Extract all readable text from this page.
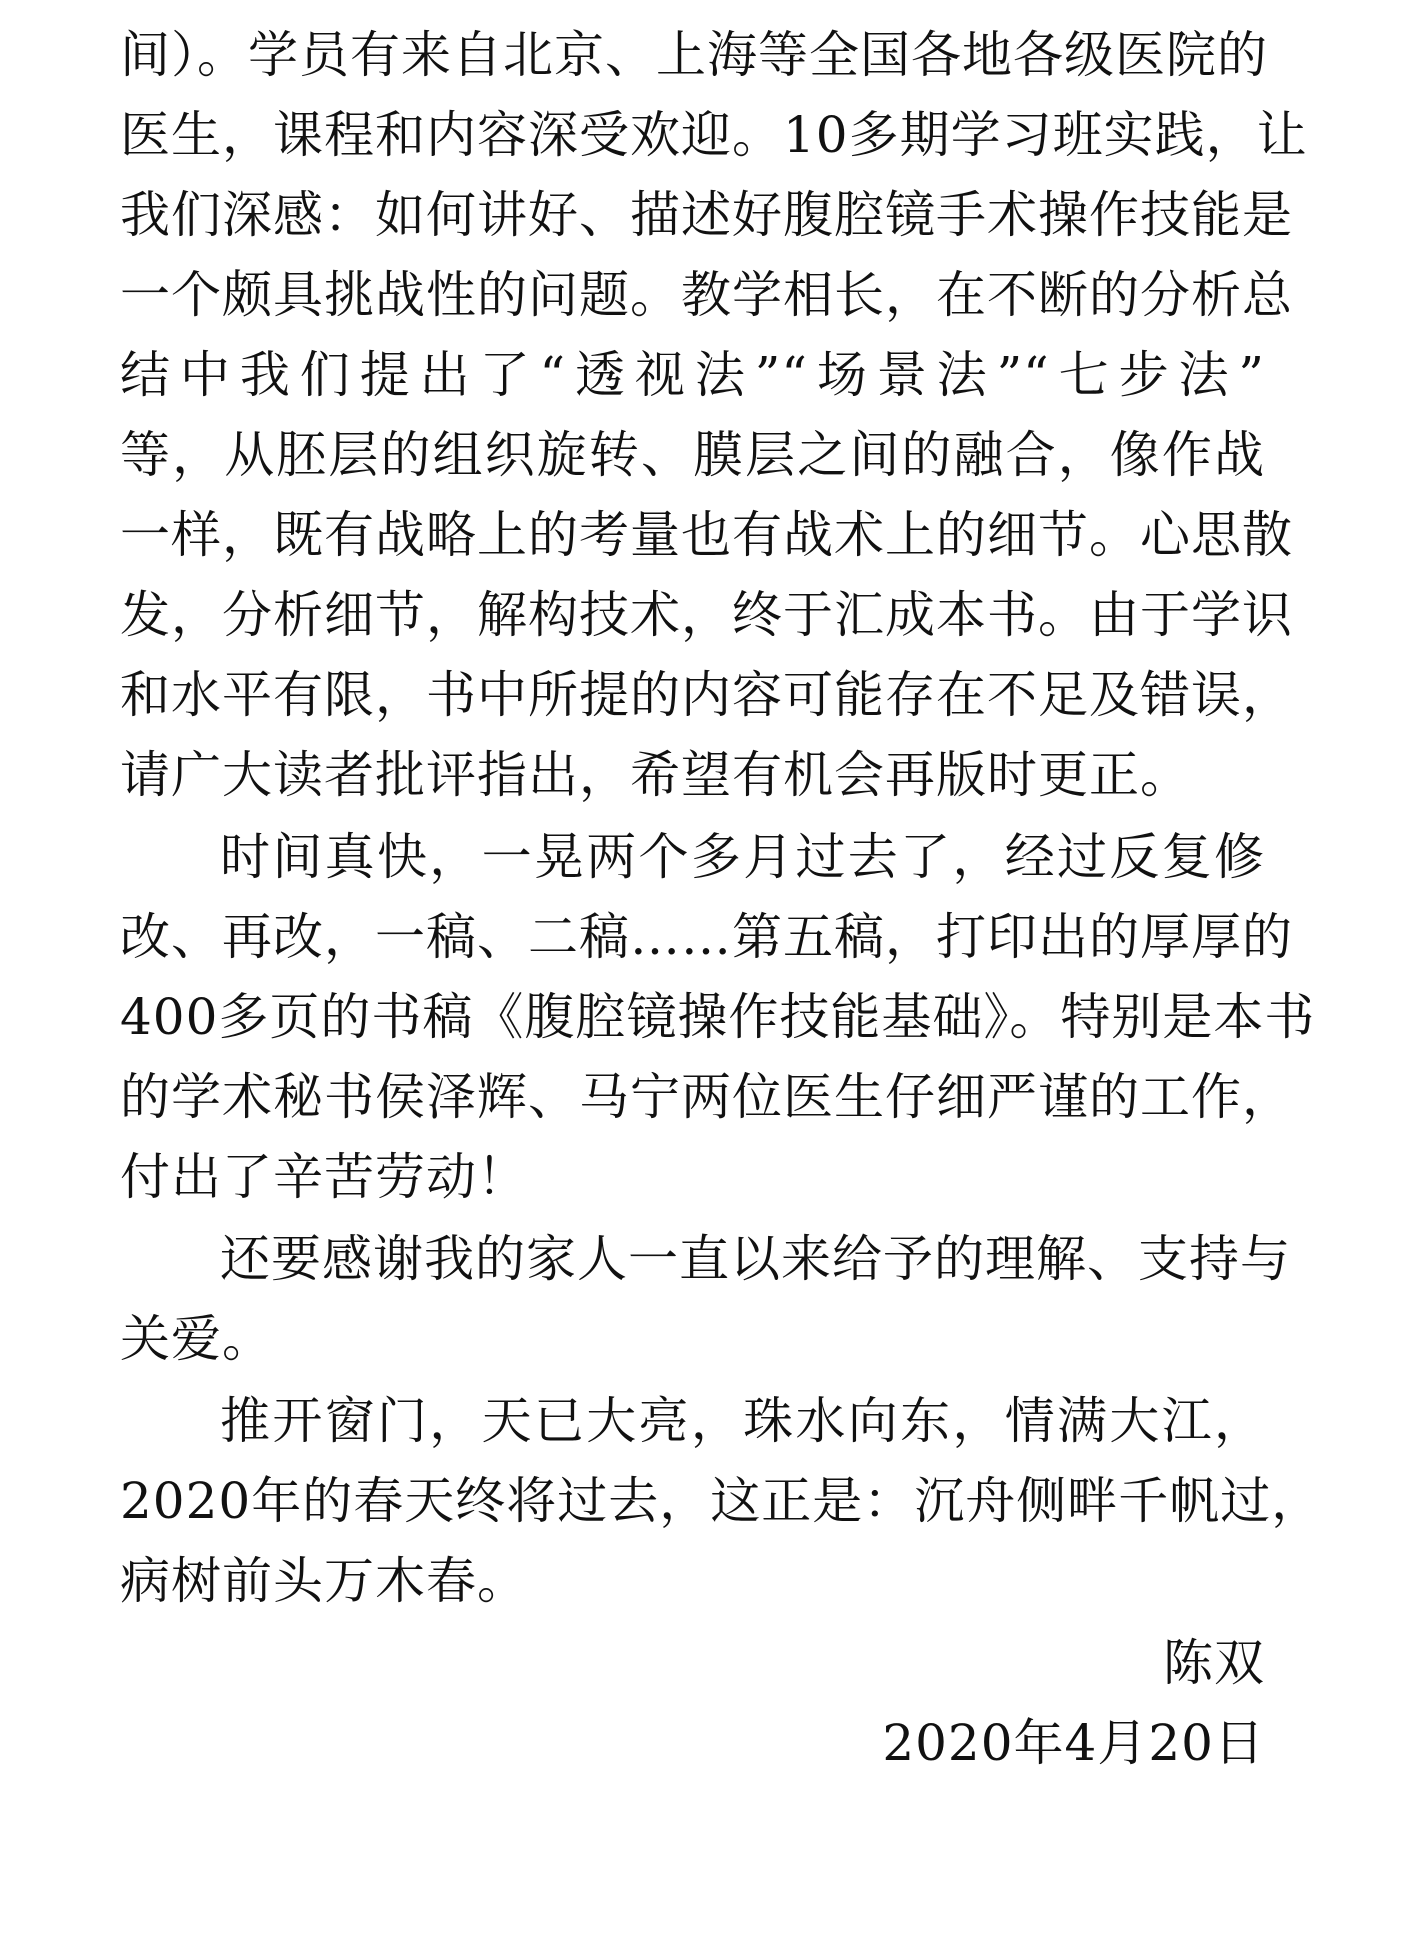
间）。学员有来自北京、上海等全国各地各级医院的
医生，课程和内容深受欢迎。10多期学习班实践，让
我们深感：如何讲好、描述好腹腔镜手术操作技能是
一个颇具挑战性的问题。教学相长，在不断的分析总
结中我们提出了“透视法”“场景法”“七步法”
等，从胚层的组织旋转、膜层之间的融合，像作战
一样，既有战略上的考量也有战术上的细节。心思散
发，分析细节，解构技术，终于汇成本书。由于学识
和水平有限，书中所提的内容可能存在不足及错误，
请广大读者批评指出，希望有机会再版时更正。
时间真快，一晃两个多月过去了，经过反复修
改、再改，一稿、二稿……第五稿，打印出的厚厚的
400多页的书稿《腹腔镜操作技能基础》。特别是本书
的学术秘书侯泽辉、马宁两位医生仔细严谨的工作，
付出了辛苦劳动！
还要感谢我的家人一直以来给予的理解、支持与
关爱。
推开窗门，天已大亮，珠水向东，情满大江，
2020年的春天终将过去，这正是：沉舟侧畔千帆过，
病树前头万木春。
陈双
2020年4月20日
